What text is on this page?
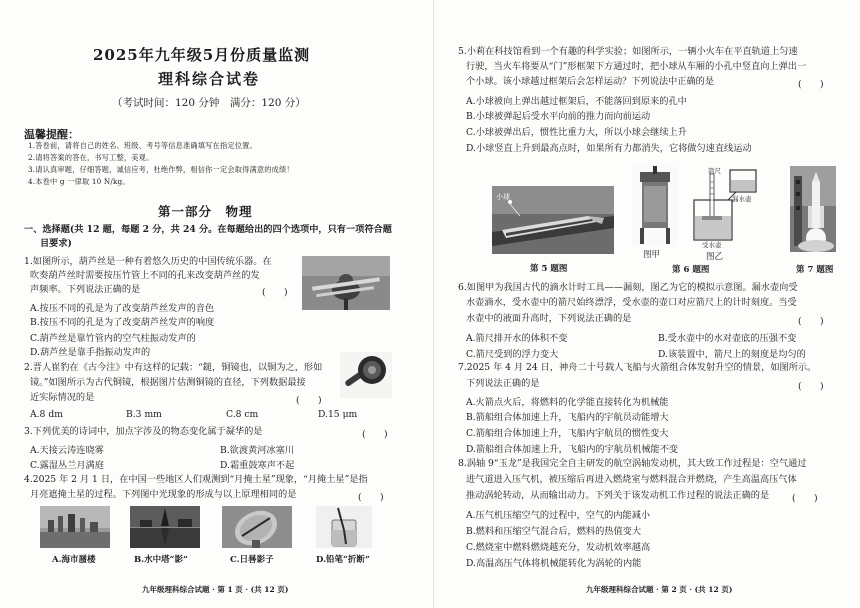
2025年九年级5月份质量监测
理科综合试卷
（考试时间：120 分钟　满分：120 分）
温馨提醒：
1.答卷前，请将自己的姓名、班级、考号等信息准确填写在指定位置。
2.请将答案的答在，书写工整，美观。
3.请认真审题，仔细答题，诚信应考，杜绝作弊，相信你一定会取得满意的成绩！
4.本卷中 g 一律取 10 N/kg。
第一部分　物理
一、选择题(共 12 题，每题 2 分，共 24 分。在每题给出的四个选项中，只有一项符合题
目要求)
1.如图所示，葫芦丝是一种有着悠久历史的中国传统乐器。在
吹奏葫芦丝时需要按压竹管上不同的孔来改变葫芦丝的发
声频率。下列说法正确的是	(　　)
A.按压不同的孔是为了改变葫芦丝发声的音色
B.按压不同的孔是为了改变葫芦丝发声的响度
C.葫芦丝是靠竹管内的空气柱振动发声的
D.葫芦丝是靠手指振动发声的
2.晋人崔豹在《古今注》中有这样的记载：“鎚，铜镜也，以铜为之，形如
镜。”如图所示为古代铜镜，根据图片估测铜镜的直径，下列数据最接
近实际情况的是	(　　)
A.8 dm	B.3 mm	C.8 cm	D.15 μm
3.下列优美的诗词中，加点字涉及的物态变化属于凝华的是	(　　)
A.天接云涛连晓雾	B.欲渡黄河冰塞川
C.露湿丛兰月满庭	D.霜重鼓寒声不起
4.2025 年 2 月 1 日，在中国一些地区人们观测到“月掩土星”现象，“月掩土星”是指
月亮遮掩土星的过程。下列图中光现象的形成与以上原理相同的是	(　　)
A.海市蜃楼	B.水中塔“影”	C.日晷影子	D.铅笔“折断”
九年级理科综合试题 · 第 1 页 · (共 12 页)
5.小莉在科技馆看到一个有趣的科学实验；如图所示，一辆小火车在平直轨道上匀速
行驶，当火车将要从“门”形框架下方通过时，把小球从车厢的小孔中竖直向上弹出一
个小球。该小球越过框架后会怎样运动？下列说法中正确的是	(　　)
A.小球被向上弹出越过框架后，不能落回到原来的孔中
B.小球被弹起后受水平向前的推力而向前运动
C.小球被弹出后，惯性比重力大，所以小球会继续上升
D.小球竖直上升到最高点时，如果所有力都消失，它将做匀速直线运动
小球
第 5 题图
图甲
箭尺
漏水壶
受水壶
图乙
第 6 题图	第 7 题图
6.如图甲为我国古代的滴水计时工具——漏刻，图乙为它的模拟示意图。漏水壶向受
水壶滴水，受水壶中的箭尺始终漂浮，受水壶的壶口对应箭尺上的计时刻度。当受
水壶中的液面升高时，下列说法正确的是	(　　)
A.箭尺排开水的体积不变	B.受水壶中的水对壶底的压强不变
C.箭尺受到的浮力变大	D.该装置中，箭尺上的刻度是均匀的
7.2025 年 4 月 24 日，神舟二十号载人飞船与火箭组合体发射升空的情景，如图所示。
下列说法正确的是	(　　)
A.火箭点火后，将燃料的化学能直接转化为机械能
B.箭船组合体加速上升，飞船内的宇航员动能增大
C.箭船组合体加速上升，飞船内宇航员的惯性变大
D.箭船组合体加速上升，飞船内的宇航员机械能不变
8.涡轴 9“玉龙”是我国完全自主研发的航空涡轴发动机，其大致工作过程是：空气通过
进气道进入压气机，被压缩后再进入燃烧室与燃料混合并燃烧，产生高温高压气体
推动涡轮转动，从而输出动力。下列关于该发动机工作过程的说法正确的是 (　　)
A.压气机压缩空气的过程中，空气的内能减小
B.燃料和压缩空气混合后，燃料的热值变大
C.燃烧室中燃料燃烧越充分，发动机效率越高
D.高温高压气体将机械能转化为涡轮的内能
九年级理科综合试题 · 第 2 页 · (共 12 页)
